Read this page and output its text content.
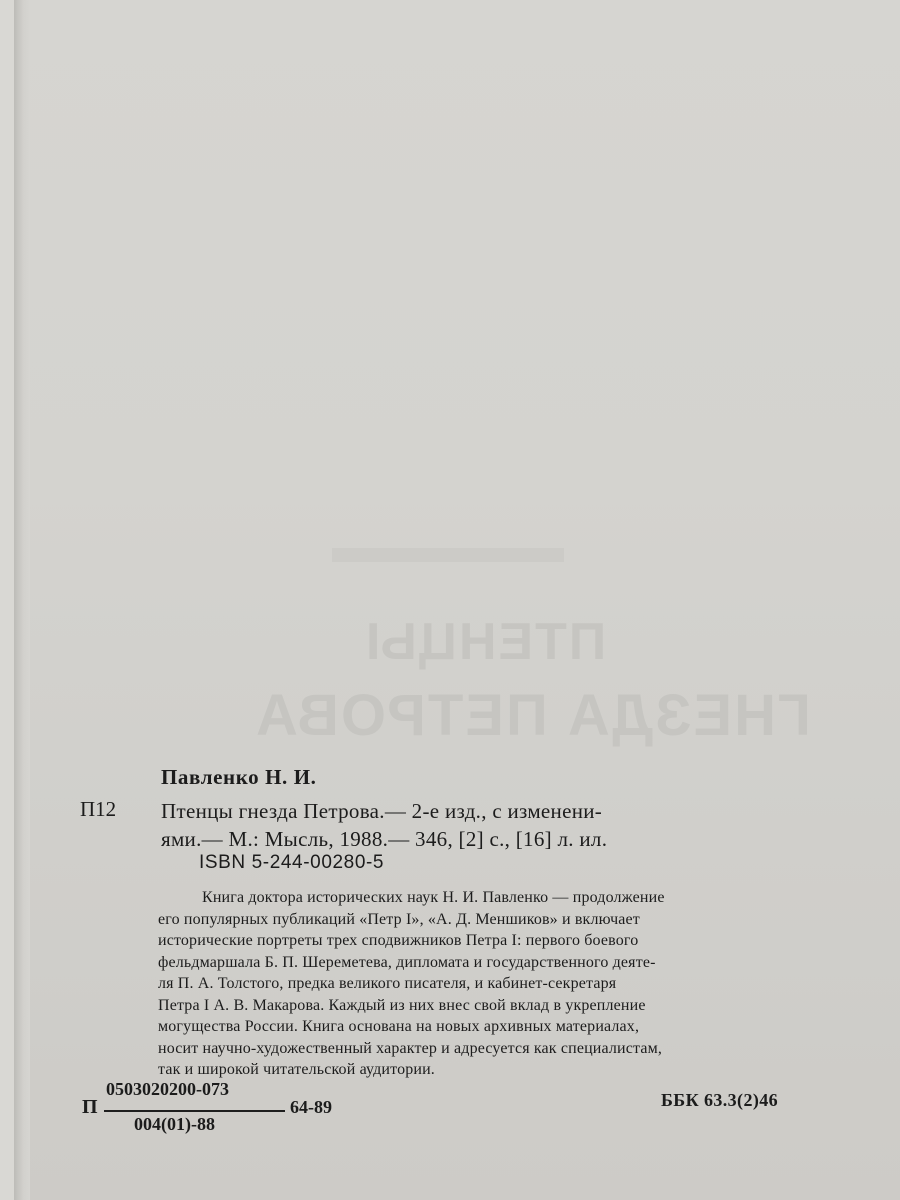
ПТЕНЦЫ
ГНЕЗДА ПЕТРОВА
Павленко Н. И.
П12 Птенцы гнезда Петрова.— 2-е изд., с изменени-
ями.— М.: Мысль, 1988.— 346, [2] с., [16] л. ил.
ISBN 5-244-00280-5
Книга доктора исторических наук Н. И. Павленко — продолжение
его популярных публикаций «Петр I», «А. Д. Меншиков» и включает
исторические портреты трех сподвижников Петра I: первого боевого
фельдмаршала Б. П. Шереметева, дипломата и государственного деяте-
ля П. А. Толстого, предка великого писателя, и кабинет-секретаря
Петра I А. В. Макарова. Каждый из них внес свой вклад в укрепление
могущества России. Книга основана на новых архивных материалах,
носит научно-художественный характер и адресуется как специалистам,
так и широкой читательской аудитории.
0503020200-073
П	64-89
004(01)-88
ББК 63.3(2)46
